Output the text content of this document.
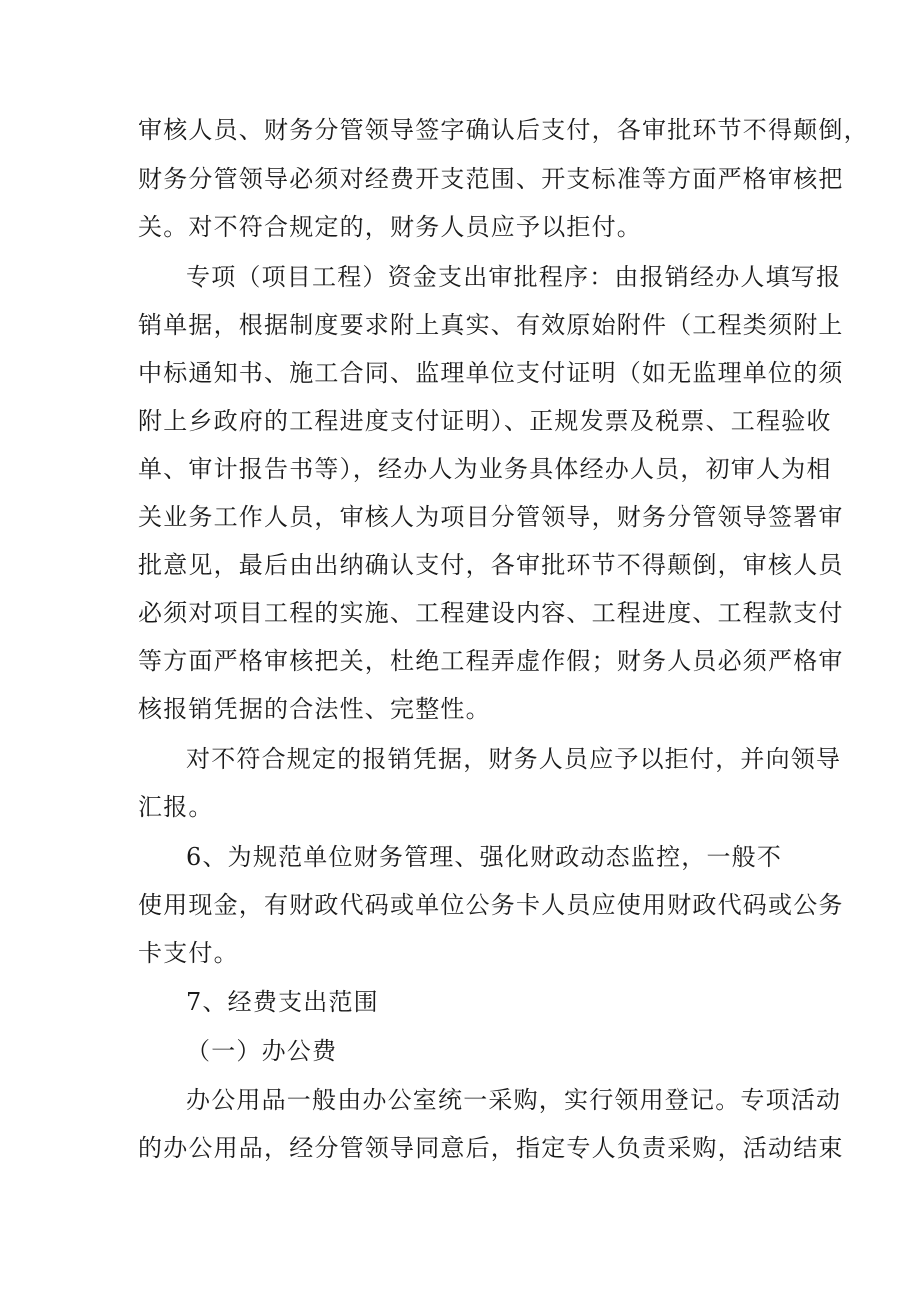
审核人员、财务分管领导签字确认后支付，各审批环节不得颠倒，
财务分管领导必须对经费开支范围、开支标准等方面严格审核把
关。对不符合规定的，财务人员应予以拒付。
专项（项目工程）资金支出审批程序：由报销经办人填写报
销单据，根据制度要求附上真实、有效原始附件（工程类须附上
中标通知书、施工合同、监理单位支付证明（如无监理单位的须
附上乡政府的工程进度支付证明）、正规发票及税票、工程验收
单、审计报告书等），经办人为业务具体经办人员，初审人为相
关业务工作人员，审核人为项目分管领导，财务分管领导签署审
批意见，最后由出纳确认支付，各审批环节不得颠倒，审核人员
必须对项目工程的实施、工程建设内容、工程进度、工程款支付
等方面严格审核把关，杜绝工程弄虚作假；财务人员必须严格审
核报销凭据的合法性、完整性。
对不符合规定的报销凭据，财务人员应予以拒付，并向领导
汇报。
6、为规范单位财务管理、强化财政动态监控，一般不
使用现金，有财政代码或单位公务卡人员应使用财政代码或公务
卡支付。
7、经费支出范围
（一）办公费
办公用品一般由办公室统一采购，实行领用登记。专项活动
的办公用品，经分管领导同意后，指定专人负责采购，活动结束
